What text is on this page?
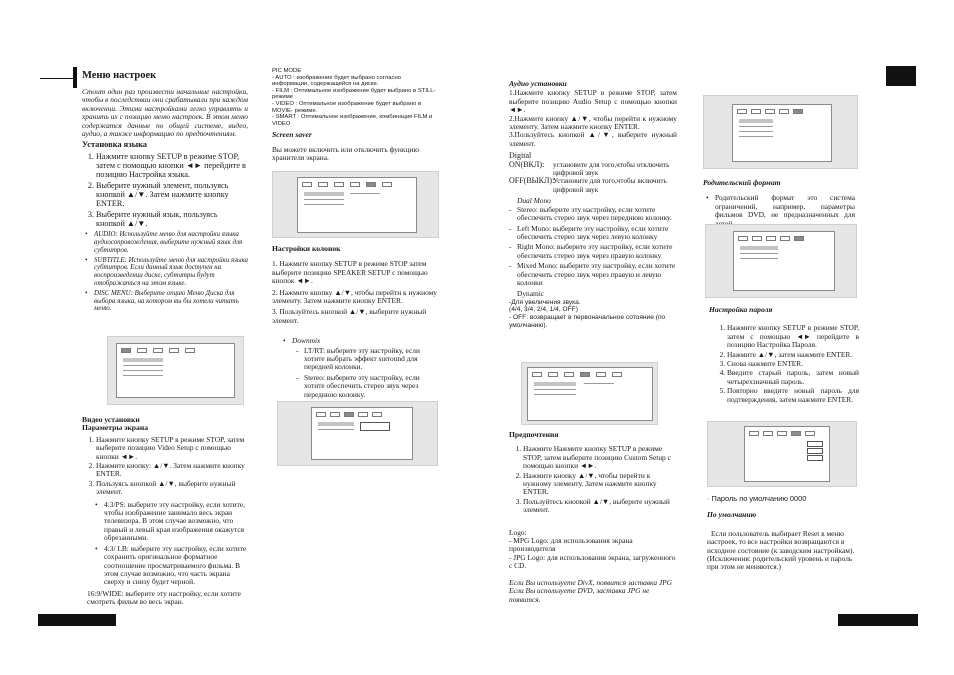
Меню настроек

Стоит один раз произвести начальные настройки, чтобы в последствии они срабатывали при каждом включении. Этими настройками легко управлять и хранить их с позицию меню настроек. В этом меню содержатся данные по общей системе, видео, аудио, а также информацию по предпочтениям.

Установка языка
1. Нажмите кнопку SETUP в режиме STOP, затем с помощью кнопки ◄► перейдите в позицию Настройка языка.
2. Выберите нужный элемент, пользуясь кнопкой ▲/▼. Затем нажмите кнопку ENTER.
3. Выберите нужный язык, пользуясь кнопкой ▲/▼.
• AUDIO: Используйте меню для настройки языка аудиосопровождения, выберите нужный язык для субтитров.
• SUBTITLE: Используйте меню для настройки языка субтитров. Если данный язык доступен на воспроизведении диске, субтитры будут отображаться на этом языке.
• DISC MENU: Выберите опцию Меню Диска для выбора языка, на котором вы бы хотели читать меню.
Видео установки
Параметры экрана
1. Нажмите кнопку SETUP в режиме STOP, затем выберите позицию Video Setup с помощью кнопки ◄►.
2. Нажмите кнопку: ▲/▼. Затем нажмите кнопку ENTER.
3. Пользуясь кнопкой ▲/▼, выберите нужный элемент.
• 4:3/PS: выберите эту настройку, если хотите, чтобы изображение занимало весь экран телевизора. В этом случае возможно, что правый и левый края изображения окажутся обрезанными.
• 4:3/ LB: выберите эту настройку, если хотите сохранить оригинальное форматное соотношение просматриваемого фильма. В этом случае возможно, что часть экрана сверху и снизу будет черной.

16:9/WIDE: выберите эту настройку, если хотите смотреть фильм во весь экран.

PIC MODE
- AUTO : изображение будет выбрано согласно информации, содержащейся на диске.
- FILM : Оптимальное изображение будет выбрано в STILL- режиме
- VIDEO : Оптимальное изображение будет выбрано в MOVIE- режиме.
- SMART : Оптимальное изображение, комбинация FILM и VIDEO
Screen saver

Вы можете включить или отключить функцию хранителя экрана.

Настройки колонок

1. Нажмите кнопку SETUP в режиме STOP затем выберите позицию SPEAKER SETUP с помощью кнопок ◄►.

2. Нажмите кнопку ▲/▼, чтобы перейти к нужному элементу. Затем нажмите кнопку ENTER.

3. Пользуйтесь кнопкой ▲/▼, выберите нужный элемент.

• Downmix
- LT/RT: выберите эту настройку, если хотите выбрать эффект surround для передней колонки.
- Stereo: выберите эту настройку, если хотите обеспечить стерео звук через переднюю колонку.
Аудио установки
1.Нажмите кнопку SETUP в режиме STOP, затем выберите позицию Audio Setup с помощью кнопки ◄►.
2.Нажмите кнопку ▲/▼, чтобы перейти к нужному элементу. Затем нажмите кнопку ENTER.
3.Пользуйтесь кнопкой ▲/▼, выберите нужный элемент.
Digital
ON(ВКЛ):	установите для того,чтобы отключить цифровой звук
OFF(ВЫКЛ):
Установите для того,чтобы включить цифровой звук
Dual Mono
- Stereo: выберите эту настройку, если хотите обеспечить стерео звук через переднюю колонку.
- Left Mono: выберите эту настройку, если хотите обеспечить стерео звук через левую колонку
- Right Mono: выберите эту настройку, если хотите обеспечить стерео звук через правую колонку
- Mixed Mono: выберите эту настройку, если хотите обеспечить стерео звук через правую и левую колонки
Dynamic
-Для увеличения звука.
(4/4, 3/4, 2/4, 1/4, OFF)
- OFF: возвращает в первоначальное сотояние (по умолчанию).
Предпочтения
1. Нажмите Нажмите кнопку SETUP в режиме STOP, затем выберите позицию Custom Setup с помощью кнопки ◄►.
2. Нажмите кнопку ▲/▼, чтобы перейти к нужному элементу. Затем нажмите кнопку ENTER.
3. Пользуйтесь кнопкой ▲/▼, выберите нужный элемент.
Logo:
- MPG Logo: для использования экрана производителя
- JPG Logo: для использования экрана, загруженного с CD.
Если Вы используете DivX, появится заставка JPG
Если Вы используете DVD, заставка JPG не появится.
Родительский формат
• Родительский формат это система ограничений, например, параметры фильмов DVD, не предназначенных для
Настройка пароля
1. Нажмите кнопку SETUP в режиме STOP, затем с помощью ◄► перейдите в позицию Настройка Пароля.
2. Нажмите ▲/▼, затем нажмите ENTER.
3. Снова нажмите ENTER.
4. Введите старый пароль, затем новый четырехзначный пароль.
5. Повторно введите новый пароль для подтверждения, затем нажмите ENTER.
· Пароль по умолчанию 0000
По умолчанию

Если пользователь выбирает Reset в меню настроек, то все настройки возвращаются в исходное состояние (к заводским настройкам). (Исключения: родительский уровень и пароль при этом не меняются.)
